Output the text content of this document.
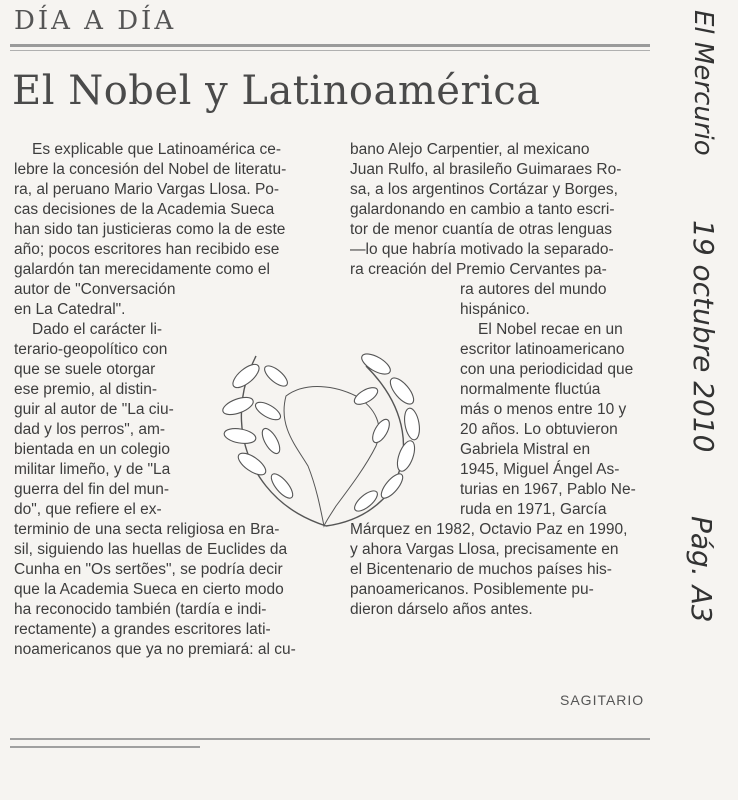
DÍA A DÍA
El Nobel y Latinoamérica
Es explicable que Latinoamérica ce-
lebre la concesión del Nobel de literatu-
ra, al peruano Mario Vargas Llosa. Po-
cas decisiones de la Academia Sueca
han sido tan justicieras como la de este
año; pocos escritores han recibido ese
galardón tan merecidamente como el
autor de "Conversación
en La Catedral".
Dado el carácter li-
terario-geopolítico con
que se suele otorgar
ese premio, al distin-
guir al autor de "La ciu-
dad y los perros", am-
bientada en un colegio
militar limeño, y de "La
guerra del fin del mun-
do", que refiere el ex-
terminio de una secta religiosa en Bra-
sil, siguiendo las huellas de Euclides da
Cunha en "Os sertões", se podría decir
que la Academia Sueca en cierto modo
ha reconocido también (tardía e indi-
rectamente) a grandes escritores lati-
noamericanos que ya no premiará: al cu-
bano Alejo Carpentier, al mexicano
Juan Rulfo, al brasileño Guimaraes Ro-
sa, a los argentinos Cortázar y Borges,
galardonando en cambio a tanto escri-
tor de menor cuantía de otras lenguas
—lo que habría motivado la separado-
ra creación del Premio Cervantes pa-
ra autores del mundo
hispánico.
El Nobel recae en un
escritor latinoamericano
con una periodicidad que
normalmente fluctúa
más o menos entre 10 y
20 años. Lo obtuvieron
Gabriela Mistral en
1945, Miguel Ángel As-
turias en 1967, Pablo Ne-
ruda en 1971, García
Márquez en 1982, Octavio Paz en 1990,
y ahora Vargas Llosa, precisamente en
el Bicentenario de muchos países his-
panoamericanos. Posiblemente pu-
dieron dárselo años antes.
SAGITARIO
El Mercurio
19 octubre 2010
Pág. A3
